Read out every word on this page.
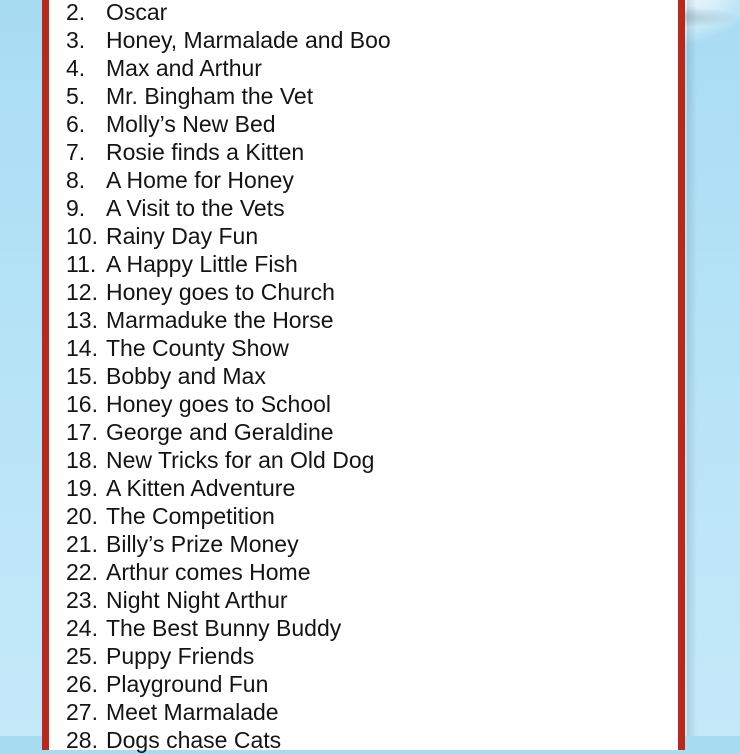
2. Oscar
3. Honey, Marmalade and Boo
4. Max and Arthur
5. Mr. Bingham the Vet
6. Molly’s New Bed
7. Rosie finds a Kitten
8. A Home for Honey
9. A Visit to the Vets
10. Rainy Day Fun
11. A Happy Little Fish
12. Honey goes to Church
13. Marmaduke the Horse
14. The County Show
15. Bobby and Max
16. Honey goes to School
17. George and Geraldine
18. New Tricks for an Old Dog
19. A Kitten Adventure
20. The Competition
21. Billy’s Prize Money
22. Arthur comes Home
23. Night Night Arthur
24. The Best Bunny Buddy
25. Puppy Friends
26. Playground Fun
27. Meet Marmalade
28. Dogs chase Cats
